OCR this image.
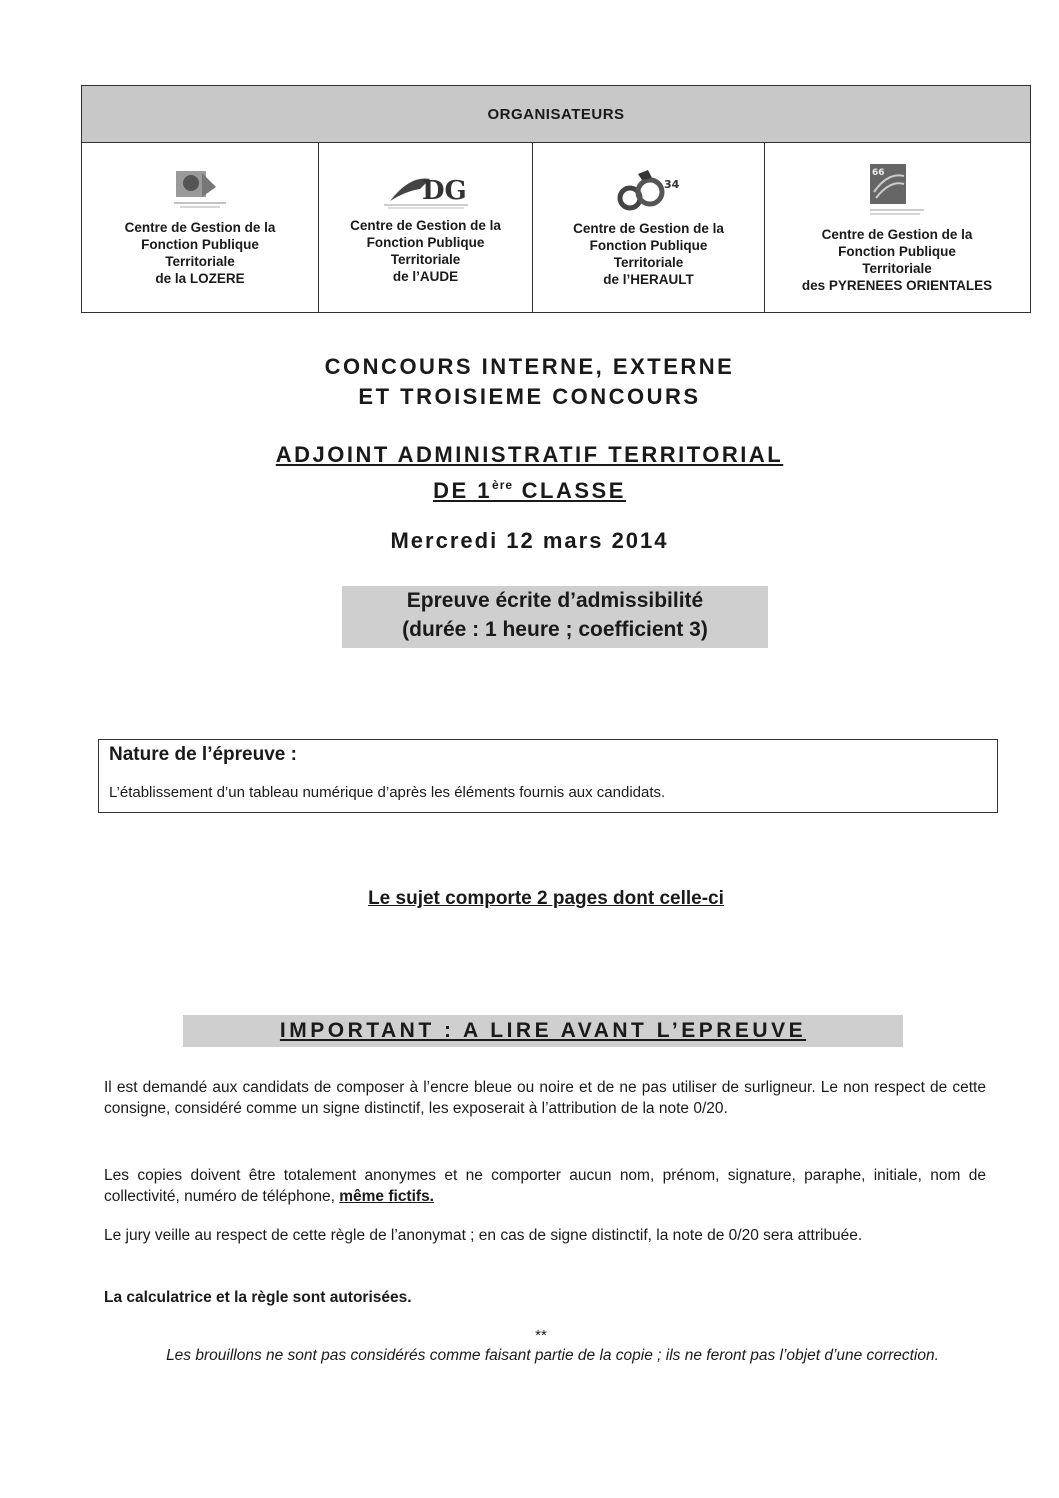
ORGANISATEURS
Centre de Gestion de la
Fonction Publique
Territoriale
de la LOZERE
DG
Centre de Gestion de la
Fonction Publique
Territoriale
de l’AUDE
34
Centre de Gestion de la
Fonction Publique
Territoriale
de l’HERAULT
66
Centre de Gestion de la
Fonction Publique
Territoriale
des PYRENEES ORIENTALES
CONCOURS INTERNE, EXTERNE
ET TROISIEME CONCOURS
ADJOINT ADMINISTRATIF TERRITORIAL
DE 1ère CLASSE
Mercredi 12 mars 2014
Epreuve écrite d’admissibilité
(durée : 1 heure ; coefficient 3)
Nature de l’épreuve :
L’établissement d’un tableau numérique d’après les éléments fournis aux candidats.
Le sujet comporte 2 pages dont celle-ci
IMPORTANT : A LIRE AVANT L’EPREUVE
Il est demandé aux candidats de composer à l’encre bleue ou noire et de ne pas utiliser de surligneur. Le non respect de cette consigne, considéré comme un signe distinctif, les exposerait à l’attribution de la note 0/20.
Les copies doivent être totalement anonymes et ne comporter aucun nom, prénom, signature, paraphe, initiale, nom de collectivité, numéro de téléphone, même fictifs.
Le jury veille au respect de cette règle de l’anonymat ; en cas de signe distinctif, la note de 0/20 sera attribuée.
La calculatrice et la règle sont autorisées.
**
Les brouillons ne sont pas considérés comme faisant partie de la copie ; ils ne feront pas l’objet d’une correction.
